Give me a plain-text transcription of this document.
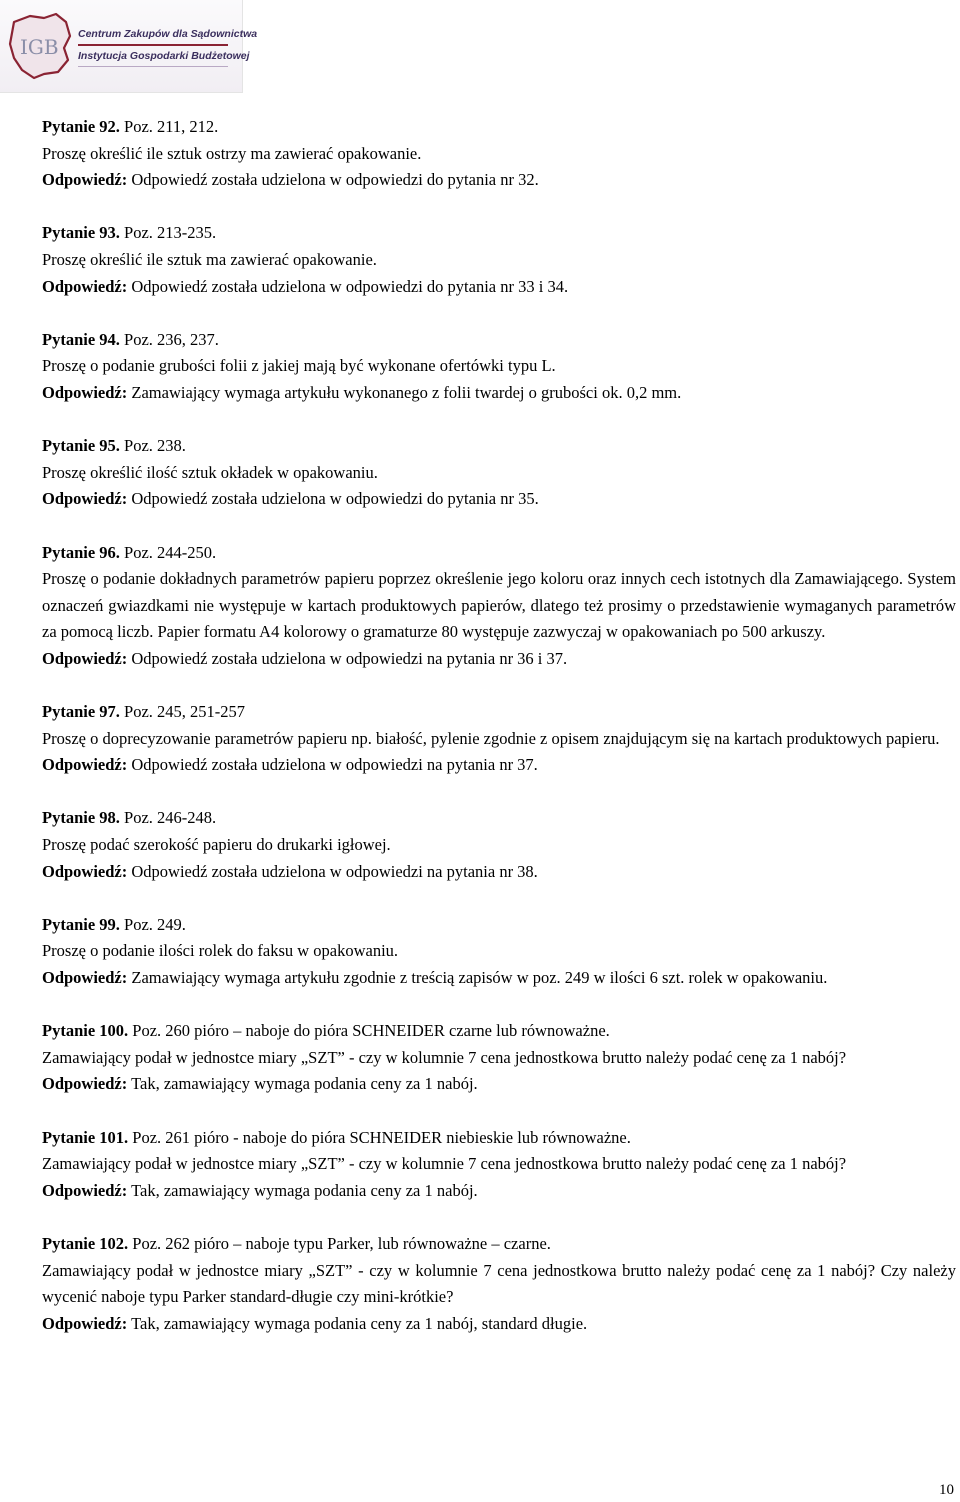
IGB
Centrum Zakupów dla Sądownictwa
Instytucja Gospodarki Budżetowej

Pytanie 92. Poz. 211, 212.

Proszę określić ile sztuk ostrzy ma zawierać opakowanie.

Odpowiedź: Odpowiedź została udzielona w odpowiedzi do pytania nr 32.

Pytanie 93. Poz. 213-235.

Proszę określić ile sztuk ma zawierać opakowanie.

Odpowiedź: Odpowiedź została udzielona w odpowiedzi do pytania nr 33 i 34.

Pytanie 94. Poz. 236, 237.

Proszę o podanie grubości folii z jakiej mają być wykonane ofertówki typu L.

Odpowiedź: Zamawiający wymaga artykułu wykonanego z folii twardej o grubości ok. 0,2 mm.

Pytanie 95. Poz. 238.

Proszę określić ilość sztuk okładek w opakowaniu.

Odpowiedź: Odpowiedź została udzielona w odpowiedzi do pytania nr 35.

Pytanie 96. Poz. 244-250.

Proszę o podanie dokładnych parametrów papieru poprzez określenie jego koloru oraz innych cech istotnych dla Zamawiającego. System oznaczeń gwiazdkami nie występuje w kartach produktowych papierów, dlatego też prosimy o przedstawienie wymaganych parametrów za pomocą liczb. Papier formatu A4 kolorowy o gramaturze 80 występuje zazwyczaj w opakowaniach po 500 arkuszy.

Odpowiedź: Odpowiedź została udzielona w odpowiedzi na pytania nr 36 i 37.

Pytanie 97. Poz. 245, 251-257

Proszę o doprecyzowanie parametrów papieru np. białość, pylenie zgodnie z opisem znajdującym się na kartach produktowych papieru.

Odpowiedź: Odpowiedź została udzielona w odpowiedzi na pytania nr 37.

Pytanie 98. Poz. 246-248.

Proszę podać szerokość papieru do drukarki igłowej.

Odpowiedź: Odpowiedź została udzielona w odpowiedzi na pytania nr 38.

Pytanie 99. Poz. 249.

Proszę o podanie ilości rolek do faksu w opakowaniu.

Odpowiedź: Zamawiający wymaga artykułu zgodnie z treścią zapisów w poz. 249 w ilości 6 szt. rolek w opakowaniu.

Pytanie 100. Poz. 260 pióro – naboje do pióra SCHNEIDER czarne lub równoważne.

Zamawiający podał w jednostce miary „SZT” - czy w kolumnie 7 cena jednostkowa brutto należy podać cenę za 1 nabój?

Odpowiedź: Tak, zamawiający wymaga podania ceny za 1 nabój.

Pytanie 101. Poz. 261 pióro - naboje do pióra SCHNEIDER niebieskie lub równoważne.

Zamawiający podał w jednostce miary „SZT” - czy w kolumnie 7 cena jednostkowa brutto należy podać cenę za 1 nabój?

Odpowiedź: Tak, zamawiający wymaga podania ceny za 1 nabój.

Pytanie 102. Poz. 262 pióro – naboje typu Parker, lub równoważne – czarne.

Zamawiający podał w jednostce miary „SZT” - czy w kolumnie 7 cena jednostkowa brutto należy podać cenę za 1 nabój? Czy należy wycenić naboje typu Parker standard-długie czy mini-krótkie?

Odpowiedź: Tak, zamawiający wymaga podania ceny za 1 nabój, standard długie.

10
